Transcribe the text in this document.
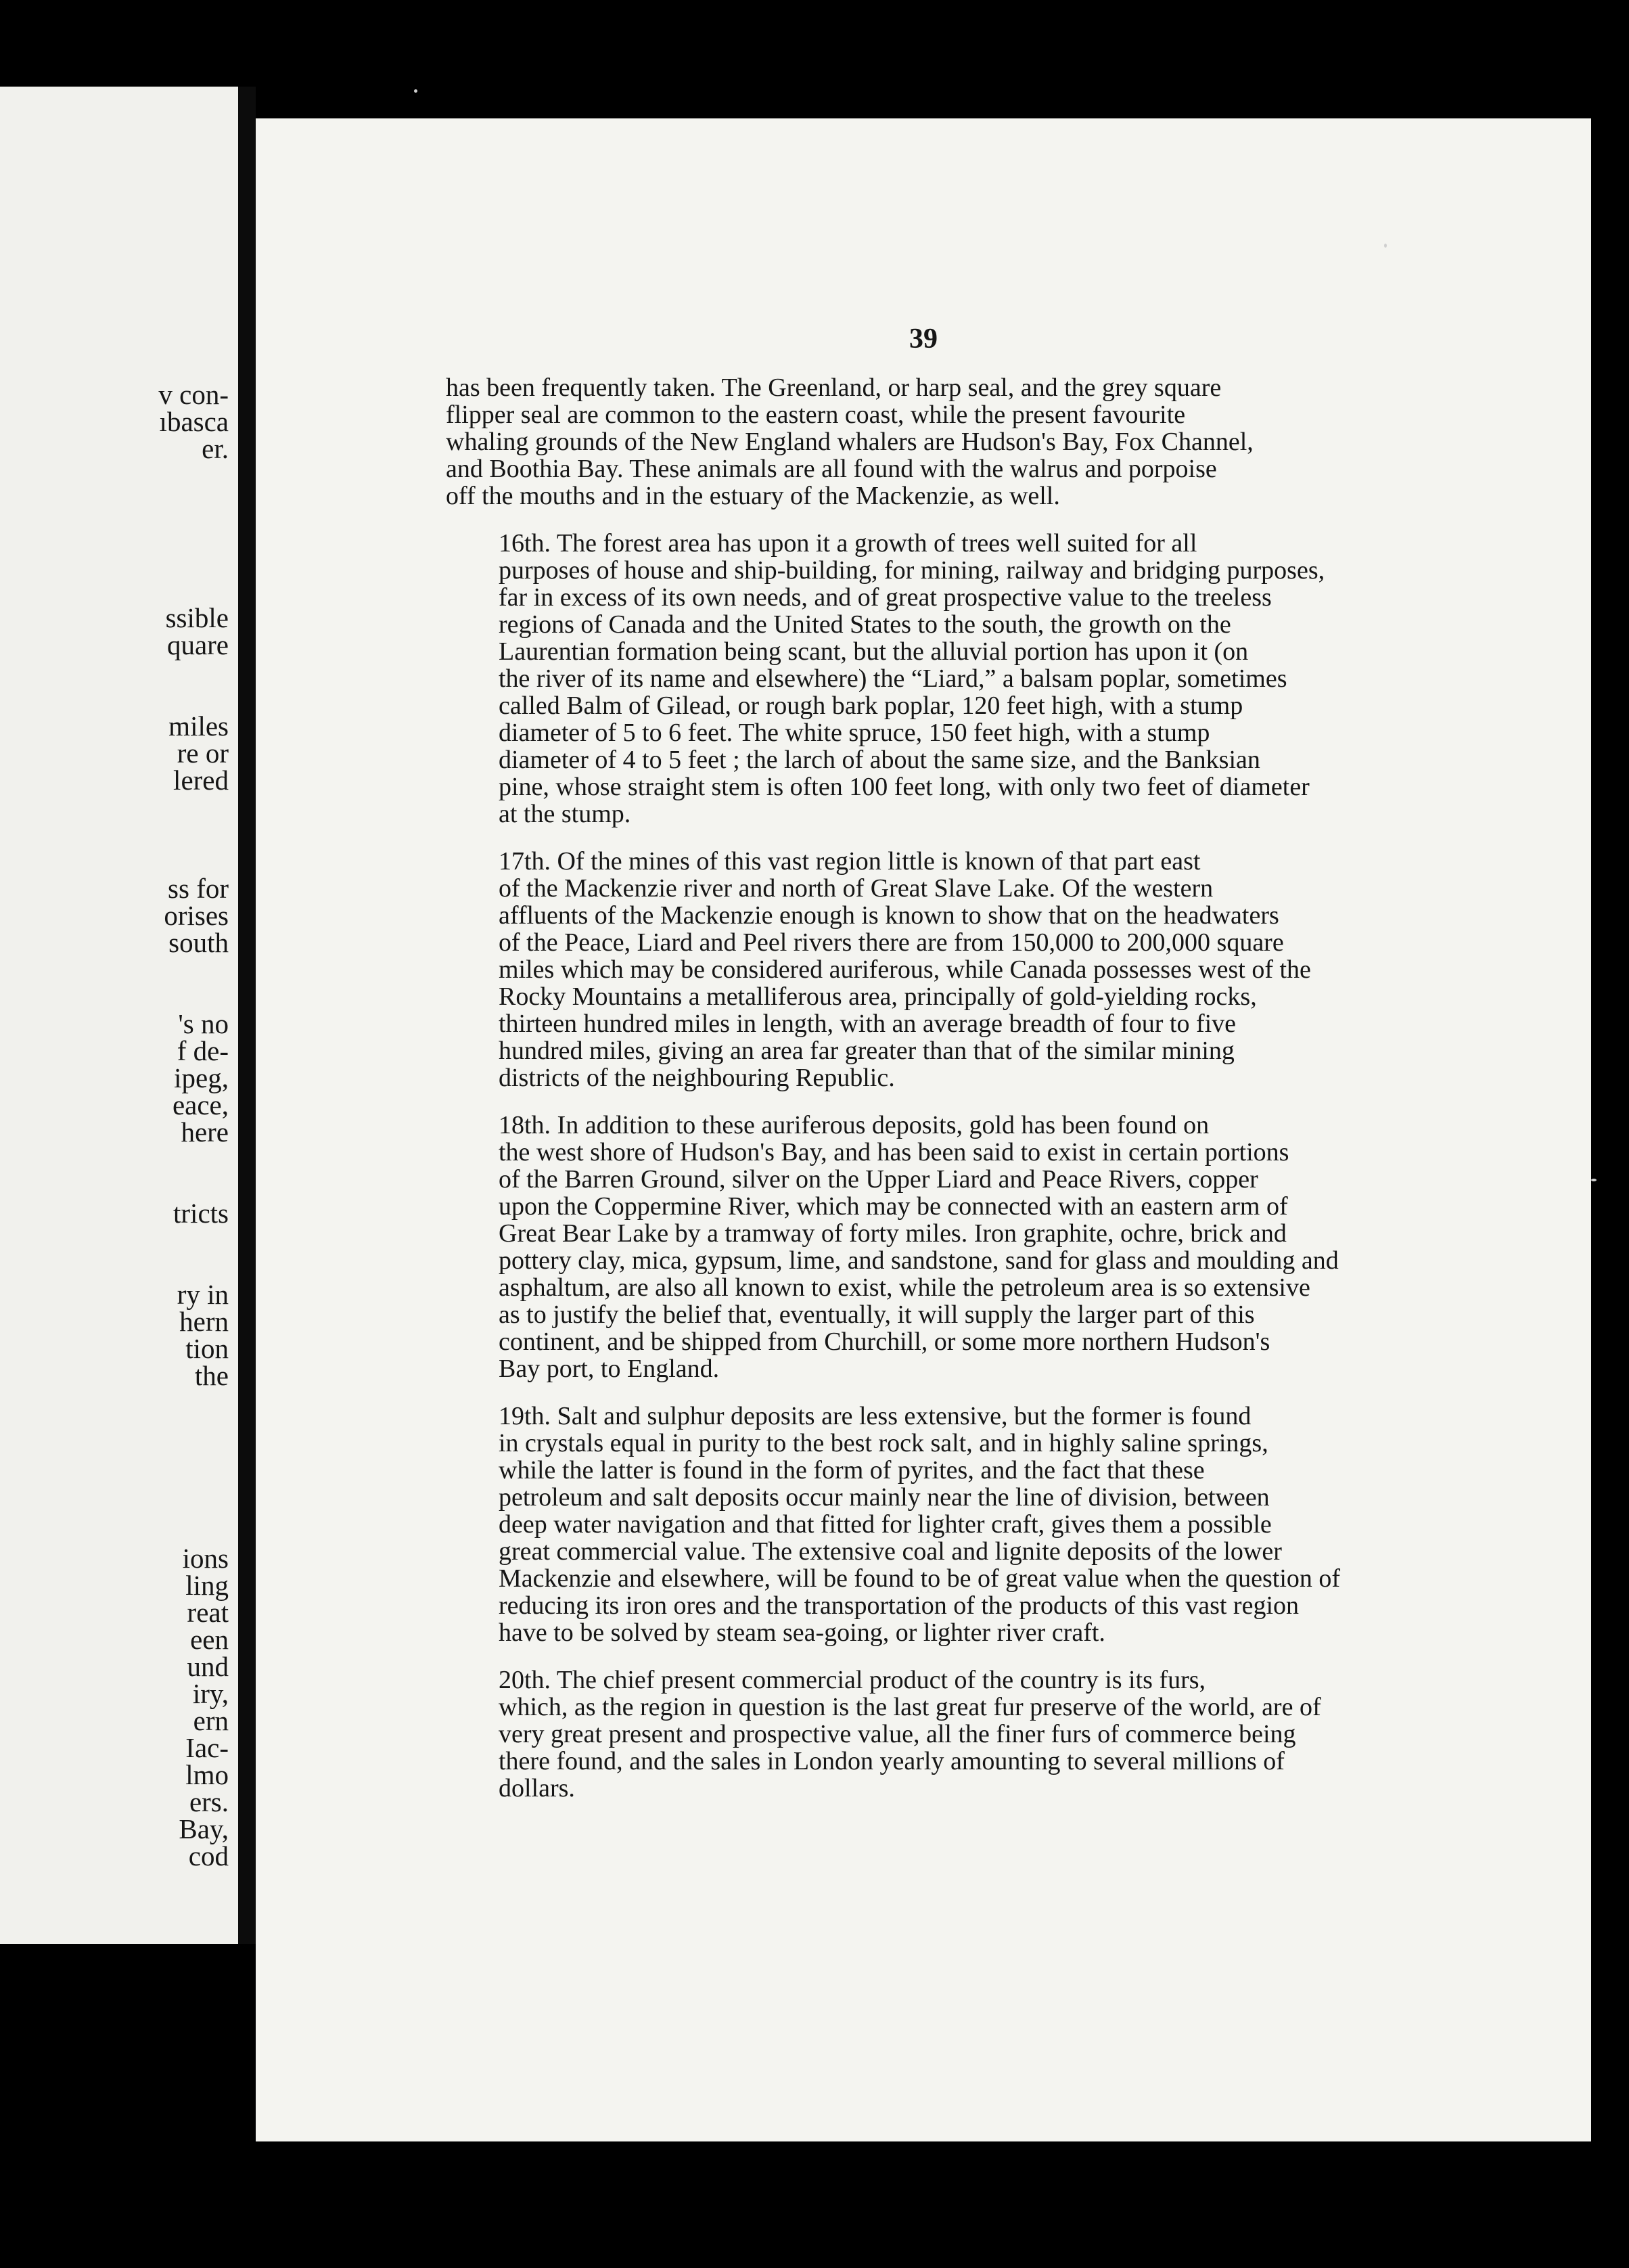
v con-

ıbasca

er.

ssible

quare

miles

re or

lered

ss for

orises

south

's no

f de-

ipeg,

eace,

here

tricts

ry in

hern

tion

the

ions

ling

reat

een

und

iry,

ern

Iac-

lmo

ers.

Bay,

cod

39

has been frequently taken. The Greenland, or harp seal, and the grey square
flipper seal are common to the eastern coast, while the present favourite
whaling grounds of the New England whalers are Hudson's Bay, Fox Channel,
and Boothia Bay. These animals are all found with the walrus and porpoise
off the mouths and in the estuary of the Mackenzie, as well.

16th. The forest area has upon it a growth of trees well suited for all
purposes of house and ship-building, for mining, railway and bridging purposes,
far in excess of its own needs, and of great prospective value to the treeless
regions of Canada and the United States to the south, the growth on the
Laurentian formation being scant, but the alluvial portion has upon it (on
the river of its name and elsewhere) the “Liard,” a balsam poplar, sometimes
called Balm of Gilead, or rough bark poplar, 120 feet high, with a stump
diameter of 5 to 6 feet. The white spruce, 150 feet high, with a stump
diameter of 4 to 5 feet ; the larch of about the same size, and the Banksian
pine, whose straight stem is often 100 feet long, with only two feet of diameter
at the stump.

17th. Of the mines of this vast region little is known of that part east
of the Mackenzie river and north of Great Slave Lake. Of the western
affluents of the Mackenzie enough is known to show that on the headwaters
of the Peace, Liard and Peel rivers there are from 150,000 to 200,000 square
miles which may be considered auriferous, while Canada possesses west of the
Rocky Mountains a metalliferous area, principally of gold-yielding rocks,
thirteen hundred miles in length, with an average breadth of four to five
hundred miles, giving an area far greater than that of the similar mining
districts of the neighbouring Republic.

18th. In addition to these auriferous deposits, gold has been found on
the west shore of Hudson's Bay, and has been said to exist in certain portions
of the Barren Ground, silver on the Upper Liard and Peace Rivers, copper
upon the Coppermine River, which may be connected with an eastern arm of
Great Bear Lake by a tramway of forty miles. Iron graphite, ochre, brick and
pottery clay, mica, gypsum, lime, and sandstone, sand for glass and moulding and
asphaltum, are also all known to exist, while the petroleum area is so extensive
as to justify the belief that, eventually, it will supply the larger part of this
continent, and be shipped from Churchill, or some more northern Hudson's
Bay port, to England.

19th. Salt and sulphur deposits are less extensive, but the former is found
in crystals equal in purity to the best rock salt, and in highly saline springs,
while the latter is found in the form of pyrites, and the fact that these
petroleum and salt deposits occur mainly near the line of division, between
deep water navigation and that fitted for lighter craft, gives them a possible
great commercial value. The extensive coal and lignite deposits of the lower
Mackenzie and elsewhere, will be found to be of great value when the question of
reducing its iron ores and the transportation of the products of this vast region
have to be solved by steam sea-going, or lighter river craft.

20th. The chief present commercial product of the country is its furs,
which, as the region in question is the last great fur preserve of the world, are of
very great present and prospective value, all the finer furs of commerce being
there found, and the sales in London yearly amounting to several millions of
dollars.
